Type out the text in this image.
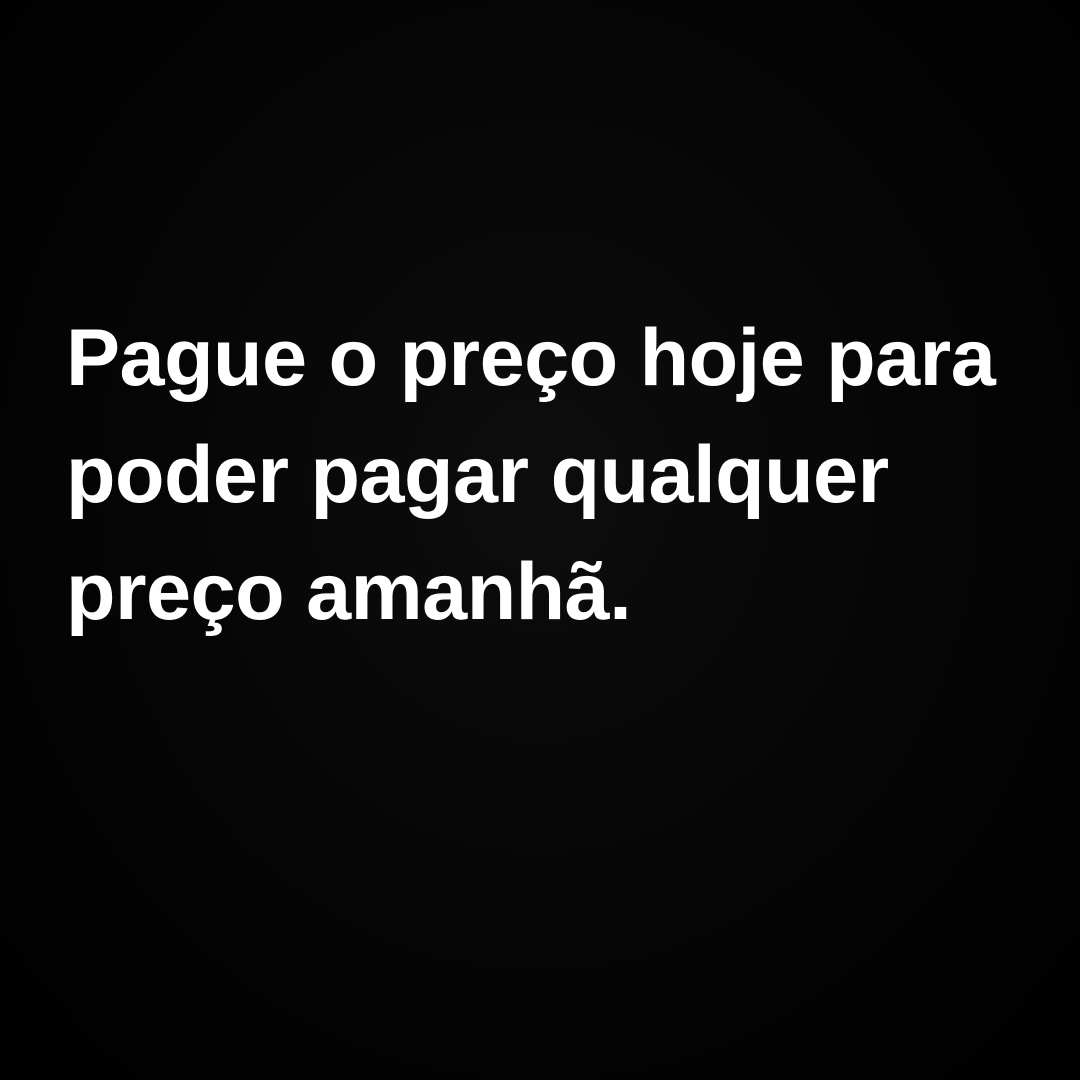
Pague o preço hoje para
poder pagar qualquer
preço amanhã.
